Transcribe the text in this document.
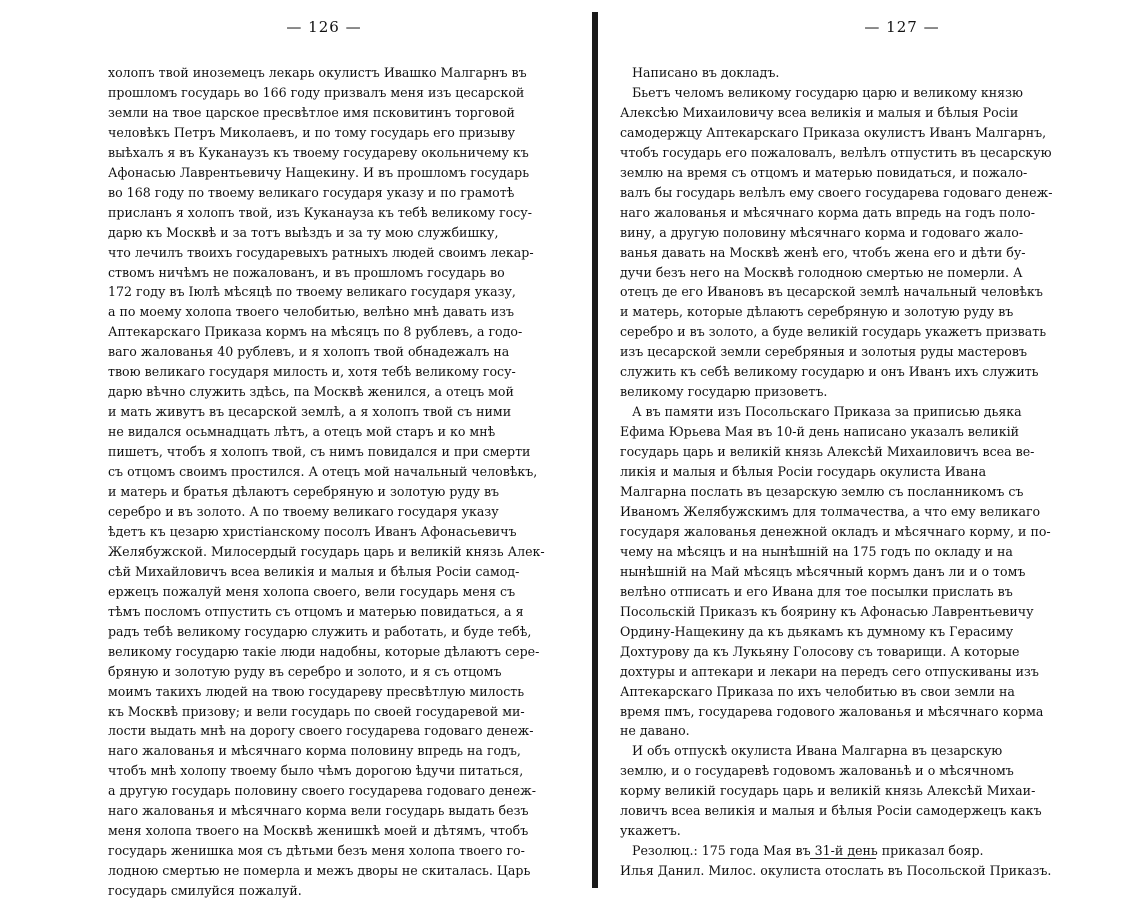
— 126 —
холопъ твой иноземецъ лекарь окулистъ Ивашко Малгарнъ въ
прошломъ государь во 166 году призвалъ меня изъ цесарской
земли на твое царское пресвѣтлое имя псковитинъ торговой
человѣкъ Петръ Миколаевъ, и по тому государь его призыву
выѣхалъ я въ Куканаузъ къ твоему государеву окольничему къ
Афонасью Лаврентьевичу Нащекину. И въ прошломъ государь
во 168 году по твоему великаго государя указу и по грамотѣ
присланъ я холопъ твой, изъ Куканауза къ тебѣ великому госу-
дарю къ Москвѣ и за тотъ выѣздъ и за ту мою службишку,
что лечилъ твоихъ государевыхъ ратныхъ людей своимъ лекар-
ствомъ ничѣмъ не пожалованъ, и въ прошломъ государь во
172 году въ Іюлѣ мѣсяцѣ по твоему великаго государя указу,
а по моему холопа твоего челобитью, велѣно мнѣ давать изъ
Аптекарскаго Приказа кормъ на мѣсяцъ по 8 рублевъ, а годо-
ваго жалованья 40 рублевъ, и я холопъ твой обнадежалъ на
твою великаго государя милость и, хотя тебѣ великому госу-
дарю вѣчно служить здѣсь, па Москвѣ женился, а отецъ мой
и мать живутъ въ цесарской землѣ, а я холопъ твой съ ними
не видался осьмнадцать лѣтъ, а отецъ мой старъ и ко мнѣ
пишетъ, чтобъ я холопъ твой, съ нимъ повидался и при смерти
съ отцомъ своимъ простился. А отецъ мой начальный человѣкъ,
и матерь и братья дѣлаютъ серебряную и золотую руду въ
серебро и въ золото. А по твоему великаго государя указу
ѣдетъ къ цезарю христіанскому посолъ Иванъ Афонасьевичъ
Желябужской. Милосердый государь царь и великій князь Алек-
сѣй Михайловичъ всеа великія и малыя и бѣлыя Росіи самод-
ержецъ пожалуй меня холопа своего, вели государь меня съ
тѣмъ посломъ отпустить съ отцомъ и матерью повидаться, а я
радъ тебѣ великому государю служить и работать, и буде тебѣ,
великому государю такіе люди надобны, которые дѣлаютъ сере-
бряную и золотую руду въ серебро и золото, и я съ отцомъ
моимъ такихъ людей на твою государеву пресвѣтлую милость
къ Москвѣ призову; и вели государь по своей государевой ми-
лости выдать мнѣ на дорогу своего государева годоваго денеж-
наго жалованья и мѣсячнаго корма половину впредь на годъ,
чтобъ мнѣ холопу твоему было чѣмъ дорогою ѣдучи питаться,
а другую государь половину своего государева годоваго денеж-
наго жалованья и мѣсячнаго корма вели государь выдать безъ
меня холопа твоего на Москвѣ женишкѣ моей и дѣтямъ, чтобъ
государь женишка моя съ дѣтьми безъ меня холопа твоего го-
лодною смертью не померла и межъ дворы не скиталась. Царь
государь смилуйся пожалуй.
— 127 —
Написано въ докладъ.
Бьетъ челомъ великому государю царю и великому князю
Алексѣю Михаиловичу всеа великія и малыя и бѣлыя Росіи
самодержцу Аптекарскаго Приказа окулистъ Иванъ Малгарнъ,
чтобъ государь его пожаловалъ, велѣлъ отпустить въ цесарскую
землю на время съ отцомъ и матерью повидаться, и пожало-
валъ бы государь велѣлъ ему своего государева годоваго денеж-
наго жалованья и мѣсячнаго корма дать впредь на годъ поло-
вину, а другую половину мѣсячнаго корма и годоваго жало-
ванья давать на Москвѣ женѣ его, чтобъ жена его и дѣти бу-
дучи безъ него на Москвѣ голодною смертью не померли. А
отецъ де его Ивановъ въ цесарской землѣ начальный человѣкъ
и матерь, которые дѣлаютъ серебряную и золотую руду въ
серебро и въ золото, а буде великій государь укажетъ призвать
изъ цесарской земли серебряныя и золотыя руды мастеровъ
служить къ себѣ великому государю и онъ Иванъ ихъ служить
великому государю призоветъ.
А въ памяти изъ Посольскаго Приказа за приписью дьяка
Ефима Юрьева Мая въ 10-й день написано указалъ великій
государь царь и великій князь Алексѣй Михаиловичъ всеа ве-
ликія и малыя и бѣлыя Росіи государь окулиста Ивана
Малгарна послать въ цезарскую землю съ посланникомъ съ
Иваномъ Желябужскимъ для толмачества, а что ему великаго
государя жалованья денежной окладъ и мѣсячнаго корму, и по-
чему на мѣсяцъ и на нынѣшній на 175 годъ по окладу и на
нынѣшній на Май мѣсяцъ мѣсячный кормъ данъ ли и о томъ
велѣно отписать и его Ивана для тое посылки прислать въ
Посольскій Приказъ къ боярину къ Афонасью Лаврентьевичу
Ордину-Нащекину да къ дьякамъ къ думному къ Герасиму
Дохтурову да къ Лукьяну Голосову съ товарищи. А которые
дохтуры и аптекари и лекари на передъ сего отпускиваны изъ
Аптекарскаго Приказа по ихъ челобитью въ свои земли на
время пмъ, государева годового жалованья и мѣсячнаго корма
не давано.
И объ отпускѣ окулиста Ивана Малгарна въ цезарскую
землю, и о государевѣ годовомъ жалованьѣ и о мѣсячномъ
корму великій государь царь и великій князь Алексѣй Михаи-
ловичъ всеа великія и малыя и бѣлыя Росіи самодержецъ какъ
укажетъ.
Резолюц.: 175 года Мая въ 31-й день приказал бояр.
Илья Данил. Милос. окулиста отослать въ Посольской Приказъ.
